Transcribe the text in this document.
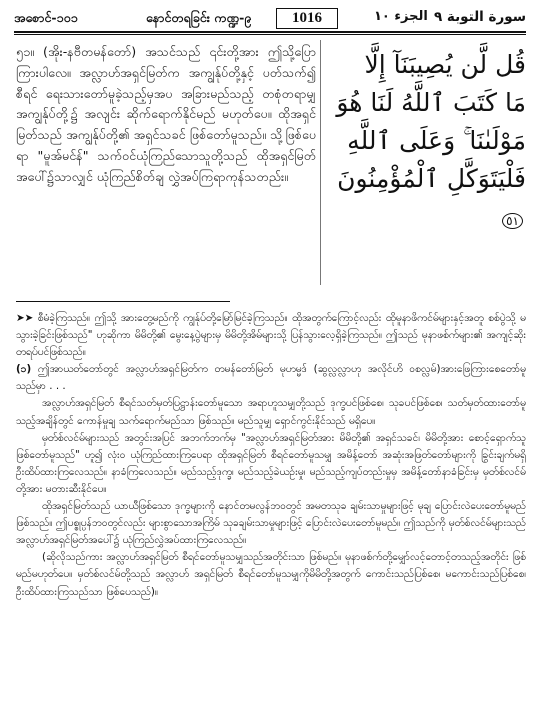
အစောင်-၁၀၁	နောင်တရခြင်း ကဏ္ဍ-၉	1016	الجزء ١٠ سورة التوبة ٩
၅၁။ (အိုး-နဗီတမန်တော်) အသင်သည် ၎င်းတို့အား ဤသို့ပြောကြားပါလေ။ အလ္လာဟ်အရှင်မြတ်က အကျွန်ုပ်တို့နှင့် ပတ်သက်၍ စီရင် ရေးသားတော်မူခဲ့သည့်မှအပ အခြားမည်သည့် တစုံတရာမျှ အကျွန်ုပ်တို့၌ အလျင်း ဆိုက်ရောက်နိုင်မည် မဟုတ်ပေ။ ထိုအရှင်မြတ်သည် အကျွန်ုပ်တို့၏ အရှင်သခင် ဖြစ်တော်မူသည်။ သို့ဖြစ်ပေရာ "မူအ်မင်န်" သက်ဝင်ယုံကြည်သောသူတို့သည် ထိုအရှင်မြတ်အပေါ်၌သာလျှင် ယုံကြည်စိတ်ချ လွှဲအပ်ကြရာကုန်သတည်း။
قُل لَّن يُصِيبَنَآ إِلَّا
مَا كَتَبَ ٱللَّهُ لَنَا هُوَ
مَوْلَىٰنَا ۚ وَعَلَى ٱللَّهِ
فَلْيَتَوَكَّلِ ٱلْمُؤْمِنُونَ ٥١

➤➤ စီမံခဲ့ကြသည်။ ဤသို့ အားတွေ့မည်ကို ကျွန်ုပ်တို့မြော်မြင်ခဲ့ကြသည်။ ထိုအတွက်ကြောင့်လည်း ထိုမူနာဖိကင်မ်များနှင့်အတူ စစ်ပွဲသို့ မသွားခဲ့ခြင်းဖြစ်သည်" ဟုဆိုကာ မိမိတို့၏ မွေးနေ့ပွဲများမှ မိမိတို့အိမ်များသို့ ပြန်သွားလေ့ရှိခဲ့ကြသည်။ ဤသည် မုနာဖစ်က်များ၏ အကျင့်ဆိုးတရပ်ပင်ဖြစ်သည်။

(၁) ဤအာယတ်တော်တွင် အလ္လာဟ်အရှင်မြတ်က တမန်တော်မြတ် မုဟမ္မဒ် (ဆွလ္လလ္လာဟု အလိုင်ဟိ ဝစလ္လမ်)အားဖြေကြားစေတော်မူသည်မှာ . . .

အလ္လာဟ်အရှင်မြတ် စီရင်သတ်မှတ်ပြဋ္ဌာန်းတော်မူသော အရာဟူသမျှတို့သည် ဒုက္ခပင်ဖြစ်စေ၊ သုခပင်ဖြစ်စေ၊ သတ်မှတ်ထားတော်မူသည့်အချိန်တွင် ကောန်မှုချ သက်ရောက်မည်သာ ဖြစ်သည်။ မည်သူမျှ ရှောင်ကွင်းနိုင်သည် မရှိပေ။

မှတ်စ်လင်မ်များသည် အတွင်းအပြင် အဘက်ဘက်မှ "အလ္လာဟ်အရှင်မြတ်အား မိမိတို့၏ အရှင်သခင်၊ မိမိတို့အား စောင့်ရှောက်သူ ဖြစ်တော်မူသည်" ဟူ၍ လုံးဝ ယုံကြည်ထားကြပေရာ ထိုအရှင်မြတ် စီရင်တော်မူသမျှ အမိန့်တော် အဆုံးအဖြတ်တော်များကို ခြွင်းချက်မရှိ ဦးထိပ်ထားကြလေသည်။ နာခံကြလေသည်။ မည်သည့်ဒုက္ခ၊ မည်သည့်ခဲယဉ်းမှု၊ မည်သည့်ကျပ်တည်းမှုမှ အမိန့်တော်နာခံခြင်းမှ မှတ်စ်လင်မ်တို့အား မတားဆီးနိုင်ပေ။

ထိုအရှင်မြတ်သည် ယာယီဖြစ်သော ဒုက္ခများကို နောင်တမလွန်ဘဝတွင် အမတသုခ ချမ်းသာမှုများဖြင့် မုချ ပြောင်းလဲပေးတော်မူမည် ဖြစ်သည်။ ဤပစ္စုပ္ပန်ဘဝတွင်လည်း များစွာသောအကြိမ် သုခချမ်းသာမှုများဖြင့် ပြောင်းလဲပေးတော်မူမည်။ ဤသည်ကို မှတ်စ်လင်မ်များသည် အလ္လာဟ်အရှင်မြတ်အပေါ်၌ ယုံကြည်လွှဲအပ်ထားကြလေသည်။

(ဆိုလိုသည်ကား အလ္လာဟ်အရှင်မြတ် စီရင်တော်မူသမျှသည်အတိုင်းသာ ဖြစ်မည်။ မုနာဖစ်က်တို့မျှော်လင့်တောင့်တသည့်အတိုင်း ဖြစ်မည်မဟုတ်ပေ။ မှတ်စ်လင်မ်တို့သည် အလ္လာဟ် အရှင်မြတ် စီရင်တော်မူသမျှကိုမိမိတို့အတွက် ကောင်းသည်ပြစ်စေ၊ မကောင်းသည်ပြစ်စေ၊ ဦးထိပ်ထားကြသည်သာ ဖြစ်ပေသည်)။
